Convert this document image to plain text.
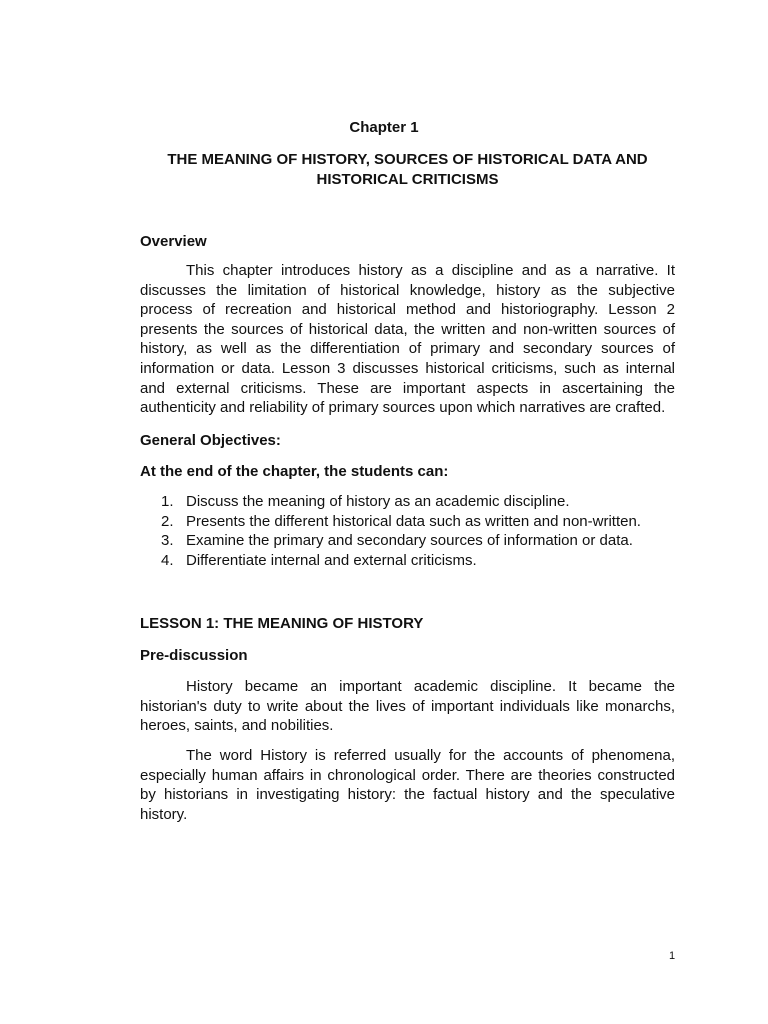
Chapter 1
THE MEANING OF HISTORY, SOURCES OF HISTORICAL DATA AND HISTORICAL CRITICISMS
Overview
This chapter introduces history as a discipline and as a narrative. It discusses the limitation of historical knowledge, history as the subjective process of recreation and historical method and historiography. Lesson 2 presents the sources of historical data, the written and non-written sources of history, as well as the differentiation of primary and secondary sources of information or data. Lesson 3 discusses historical criticisms, such as internal and external criticisms. These are important aspects in ascertaining the authenticity and reliability of primary sources upon which narratives are crafted.
General Objectives:
At the end of the chapter, the students can:
1. Discuss the meaning of history as an academic discipline.
2. Presents the different historical data such as written and non-written.
3. Examine the primary and secondary sources of information or data.
4. Differentiate internal and external criticisms.
LESSON 1: THE MEANING OF HISTORY
Pre-discussion
History became an important academic discipline. It became the historian's duty to write about the lives of important individuals like monarchs, heroes, saints, and nobilities.
The word History is referred usually for the accounts of phenomena, especially human affairs in chronological order. There are theories constructed by historians in investigating history: the factual history and the speculative history.
1
